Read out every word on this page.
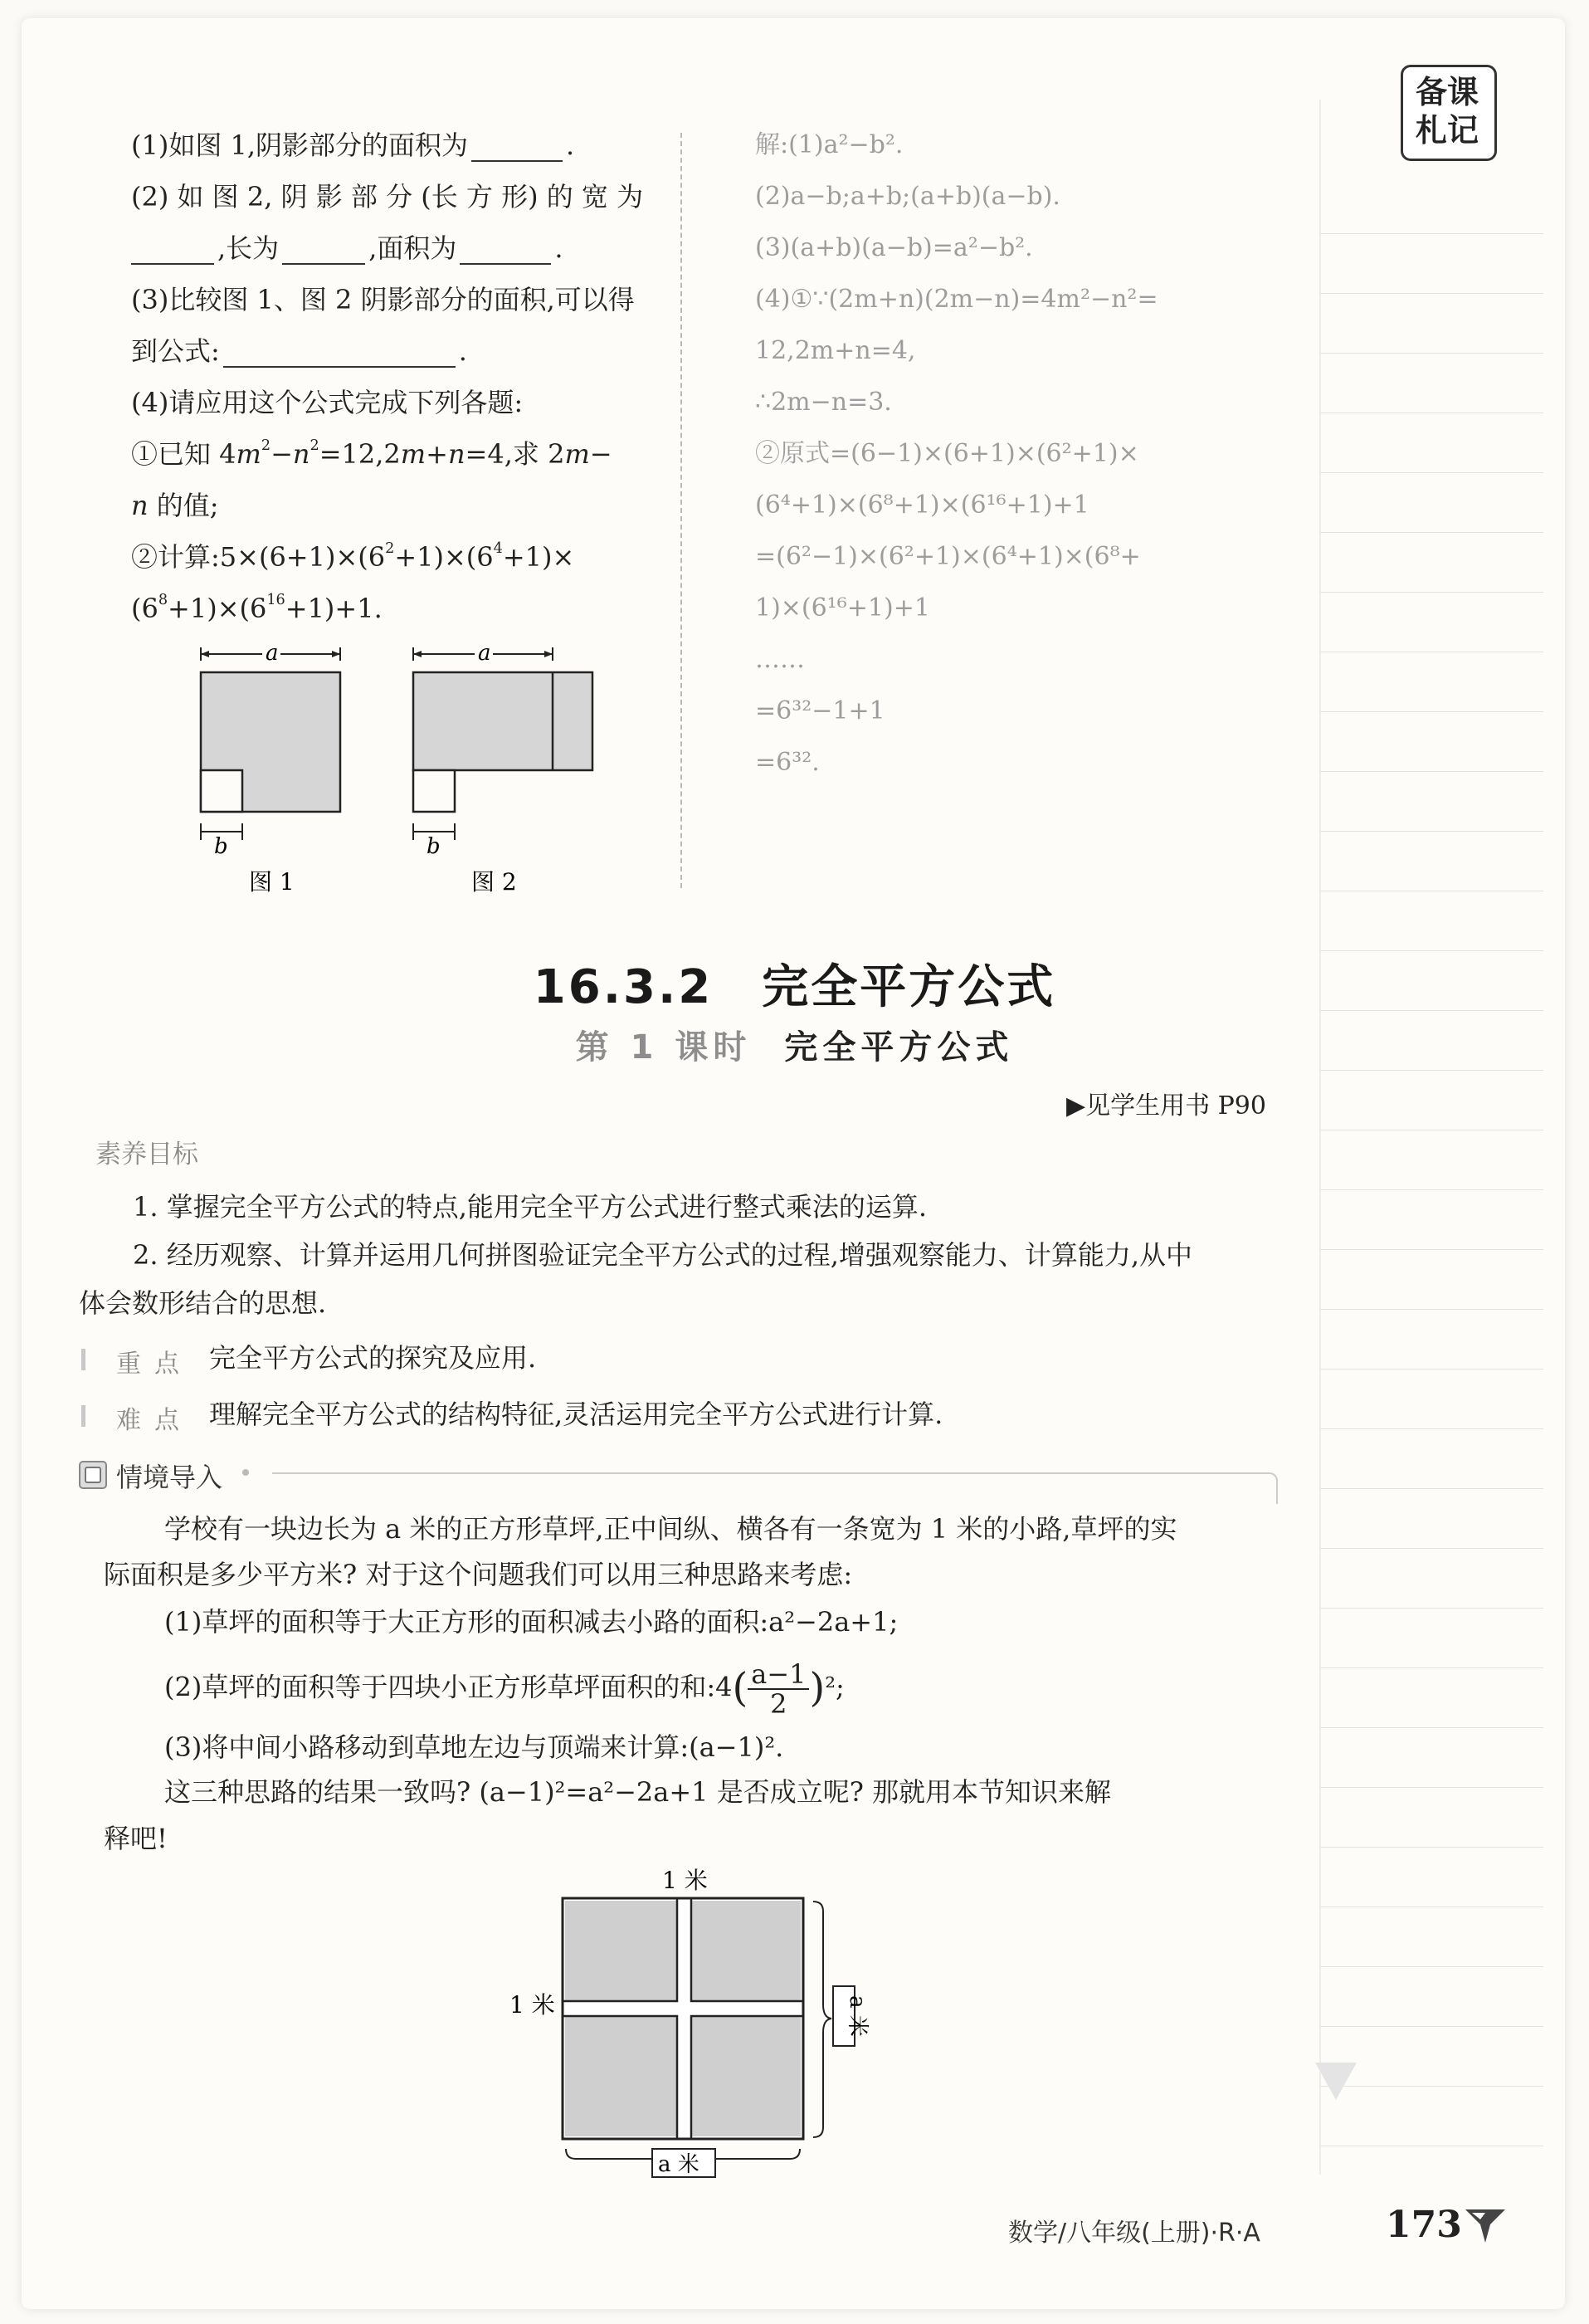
备课札记
(1)如图 1,阴影部分的面积为	.
(2) 如 图 2, 阴 影 部 分 (长 方 形) 的 宽 为
,长为	,面积为	.
(3)比较图 1、图 2 阴影部分的面积,可以得
到公式:	.
(4)请应用这个公式完成下列各题:
①已知 $4m^2-n^2=12,2m+n=4$,求 2m−
n 的值;
②计算$:5\times(6+1)\times(6^2+1)\times(6^4+1)\times$
$(6^8+1)\times(6^{16}+1)+1$.
a
b
图 1
a
b
图 2
解:(1)a²−b².
(2)a−b;a+b;(a+b)(a−b).
(3)(a+b)(a−b)=a²−b².
(4)①∵(2m+n)(2m−n)=4m²−n²=
12,2m+n=4,
∴2m−n=3.
②原式=(6−1)×(6+1)×(6²+1)×
(6⁴+1)×(6⁸+1)×(6¹⁶+1)+1
=(6²−1)×(6²+1)×(6⁴+1)×(6⁸+
1)×(6¹⁶+1)+1
……
=6³²−1+1
=6³².
16.3.2　完全平方公式
第 1 课时 完全平方公式
▶见学生用书 P90
素养目标
1. 掌握完全平方公式的特点,能用完全平方公式进行整式乘法的运算.
2. 经历观察、计算并运用几何拼图验证完全平方公式的过程,增强观察能力、计算能力,从中
体会数形结合的思想.
重点 完全平方公式的探究及应用.
难点 理解完全平方公式的结构特征,灵活运用完全平方公式进行计算.
情境导入
学校有一块边长为 a 米的正方形草坪,正中间纵、横各有一条宽为 1 米的小路,草坪的实
际面积是多少平方米? 对于这个问题我们可以用三种思路来考虑:
(1)草坪的面积等于大正方形的面积减去小路的面积:a²−2a+1;
(2)草坪的面积等于四块小正方形草坪面积的和:4( $\frac{a-1}{2} )^2$;
(3)将中间小路移动到草地左边与顶端来计算:(a−1)².
这三种思路的结果一致吗? (a−1)²=a²−2a+1 是否成立呢? 那就用本节知识来解
释吧!
1 米
1 米	a 米
a 米
数学/八年级(上册)·R·A	173
